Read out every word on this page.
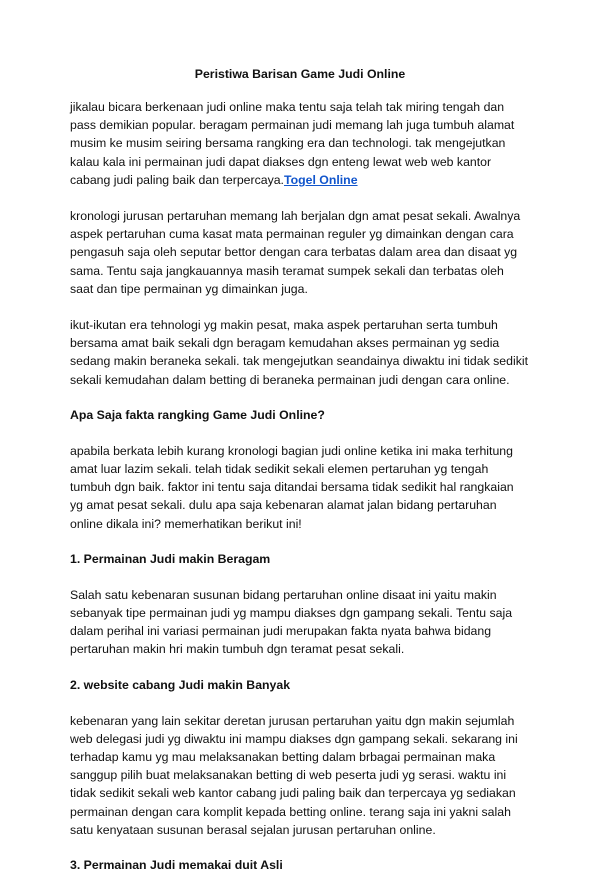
Peristiwa Barisan Game Judi Online

jikalau bicara berkenaan judi online maka tentu saja telah tak miring tengah dan pass demikian popular. beragam permainan judi memang lah juga tumbuh alamat musim ke musim seiring bersama rangking era dan technologi. tak mengejutkan kalau kala ini permainan judi dapat diakses dgn enteng lewat web web kantor cabang judi paling baik dan terpercaya.Togel Online

kronologi jurusan pertaruhan memang lah berjalan dgn amat pesat sekali. Awalnya aspek pertaruhan cuma kasat mata permainan reguler yg dimainkan dengan cara pengasuh saja oleh seputar bettor dengan cara terbatas dalam area dan disaat yg sama. Tentu saja jangkauannya masih teramat sumpek sekali dan terbatas oleh saat dan tipe permainan yg dimainkan juga.

ikut-ikutan era tehnologi yg makin pesat, maka aspek pertaruhan serta tumbuh bersama amat baik sekali dgn beragam kemudahan akses permainan yg sedia sedang makin beraneka sekali. tak mengejutkan seandainya diwaktu ini tidak sedikit sekali kemudahan dalam betting di beraneka permainan judi dengan cara online.

Apa Saja fakta rangking Game Judi Online?

apabila berkata lebih kurang kronologi bagian judi online ketika ini maka terhitung amat luar lazim sekali. telah tidak sedikit sekali elemen pertaruhan yg tengah tumbuh dgn baik. faktor ini tentu saja ditandai bersama tidak sedikit hal rangkaian yg amat pesat sekali. dulu apa saja kebenaran alamat jalan bidang pertaruhan online dikala ini? memerhatikan berikut ini!

1. Permainan Judi makin Beragam

Salah satu kebenaran susunan bidang pertaruhan online disaat ini yaitu makin sebanyak tipe permainan judi yg mampu diakses dgn gampang sekali. Tentu saja dalam perihal ini variasi permainan judi merupakan fakta nyata bahwa bidang pertaruhan makin hri makin tumbuh dgn teramat pesat sekali.

2. website cabang Judi makin Banyak

kebenaran yang lain sekitar deretan jurusan pertaruhan yaitu dgn makin sejumlah web delegasi judi yg diwaktu ini mampu diakses dgn gampang sekali. sekarang ini terhadap kamu yg mau melaksanakan betting dalam brbagai permainan maka sanggup pilih buat melaksanakan betting di web peserta judi yg serasi. waktu ini tidak sedikit sekali web kantor cabang judi paling baik dan terpercaya yg sediakan permainan dengan cara komplit kepada betting online. terang saja ini yakni salah satu kenyataan susunan berasal sejalan jurusan pertaruhan online.

3. Permainan Judi memakai duit Asli
